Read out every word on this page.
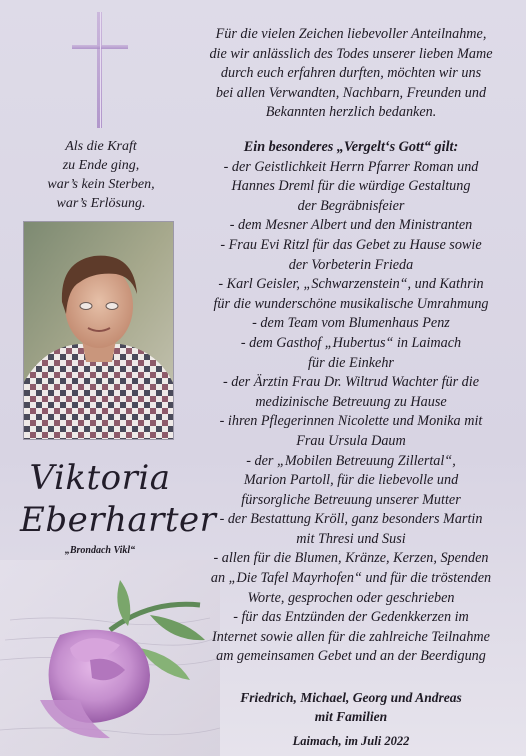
Als die Kraft
zu Ende ging,
war’s kein Sterben,
war’s Erlösung.
Viktoria
Eberharter
„Brondach Vikl“
Für die vielen Zeichen liebevoller Anteilnahme,
die wir anlässlich des Todes unserer lieben Mame
durch euch erfahren durften, möchten wir uns
bei allen Verwandten, Nachbarn, Freunden und
Bekannten herzlich bedanken.
Ein besonderes „Vergelt‘s Gott“ gilt:
- der Geistlichkeit Herrn Pfarrer Roman und
Hannes Dreml für die würdige Gestaltung
der Begräbnisfeier
- dem Mesner Albert und den Ministranten
- Frau Evi Ritzl für das Gebet zu Hause sowie
der Vorbeterin Frieda
- Karl Geisler, „Schwarzenstein“, und Kathrin
für die wunderschöne musikalische Umrahmung
- dem Team vom Blumenhaus Penz
- dem Gasthof „Hubertus“ in Laimach
für die Einkehr
- der Ärztin Frau Dr. Wiltrud Wachter für die
medizinische Betreuung zu Hause
- ihren Pflegerinnen Nicolette und Monika mit
Frau Ursula Daum
- der „Mobilen Betreuung Zillertal“,
Marion Partoll, für die liebevolle und
fürsorgliche Betreuung unserer Mutter
- der Bestattung Kröll, ganz besonders Martin
mit Thresi und Susi
- allen für die Blumen, Kränze, Kerzen, Spenden
an „Die Tafel Mayrhofen“ und für die tröstenden
Worte, gesprochen oder geschrieben
- für das Entzünden der Gedenkkerzen im
Internet sowie allen für die zahlreiche Teilnahme
am gemeinsamen Gebet und an der Beerdigung
Friedrich, Michael, Georg und Andreas
mit Familien
Laimach, im Juli 2022
